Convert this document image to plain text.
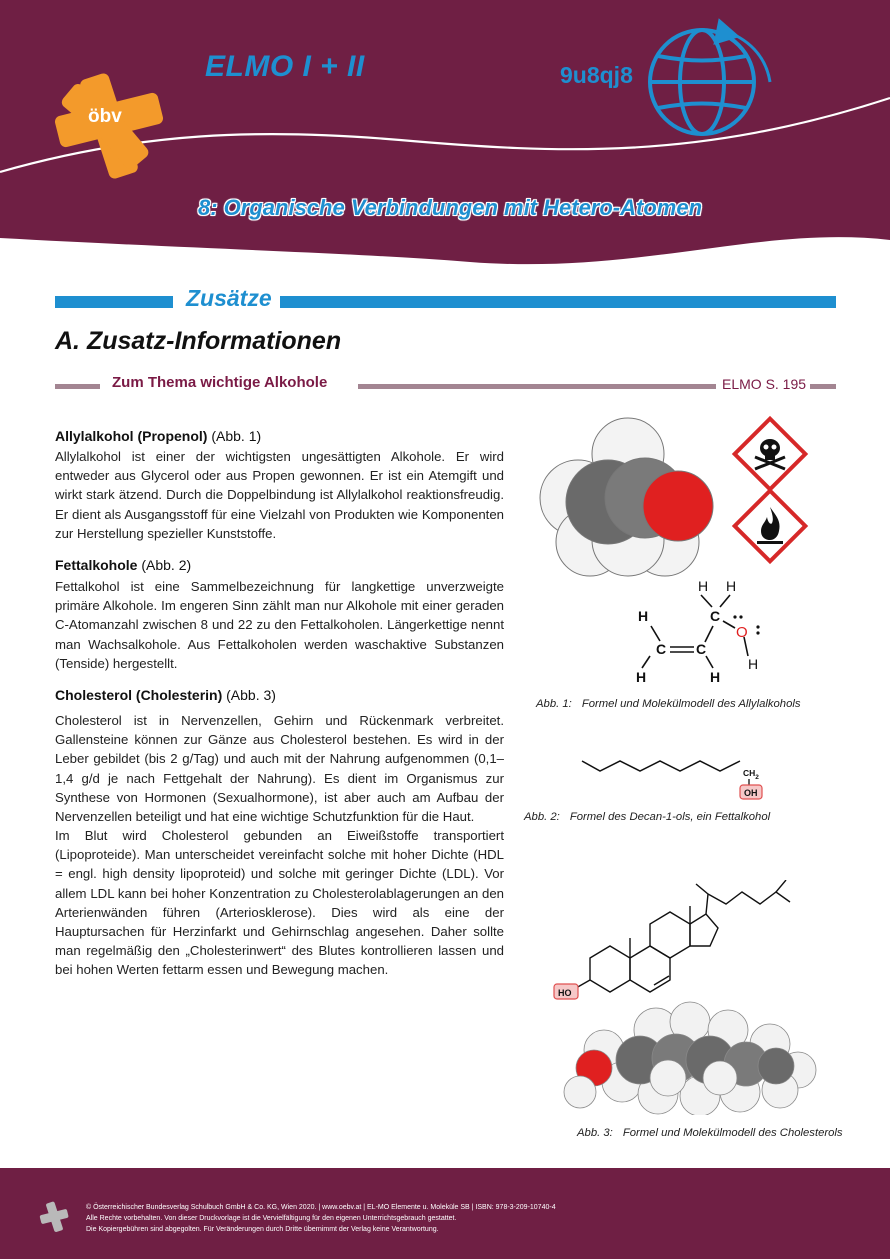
öbv
ELMO I + II	9u8qj8
8: Organische Verbindungen mit Hetero-Atomen
Zusätze
A. Zusatz-Informationen
Zum Thema wichtige Alkohole	ELMO S. 195
Allylalkohol (Propenol) (Abb. 1)
Allylalkohol ist einer der wichtigsten ungesättigten Alkohole. Er wird entweder aus Glycerol oder aus Propen gewonnen. Er ist ein Atemgift und wirkt stark ätzend. Durch die Doppelbindung ist Allylalkohol reaktionsfreudig. Er dient als Ausgangsstoff für eine Vielzahl von Produkten wie Komponenten zur Herstellung spezieller Kunststoffe.
Fettalkohole (Abb. 2)
Fettalkohol ist eine Sammelbezeichnung für langkettige unverzweigte primäre Alkohole. Im engeren Sinn zählt man nur Alkohole mit einer geraden C-Atomanzahl zwischen 8 und 22 zu den Fettalkoholen. Längerkettige nennt man Wachsalkohole. Aus Fettalkoholen werden waschaktive Substanzen (Tenside) hergestellt.
Cholesterol (Cholesterin) (Abb. 3)
Cholesterol ist in Nervenzellen, Gehirn und Rückenmark verbreitet. Gallensteine können zur Gänze aus Cholesterol bestehen. Es wird in der Leber gebildet (bis 2 g/Tag) und auch mit der Nahrung aufgenommen (0,1–1,4 g/d je nach Fettgehalt der Nahrung). Es dient im Organismus zur Synthese von Hormonen (Sexualhormone), ist aber auch am Aufbau der Nervenzellen beteiligt und hat eine wichtige Schutzfunktion für die Haut.
Im Blut wird Cholesterol gebunden an Eiweißstoffe transportiert (Lipoproteide). Man unterscheidet vereinfacht solche mit hoher Dichte (HDL = engl. high density lipoproteid) und solche mit geringer Dichte (LDL). Vor allem LDL kann bei hoher Konzentration zu Cholesterolablagerungen an den Arterienwänden führen (Arteriosklerose). Dies wird als eine der Hauptursachen für Herzinfarkt und Gehirnschlag angesehen. Daher sollte man regelmäßig den „Cholesterinwert“ des Blutes kontrollieren lassen und bei hohen Werten fettarm essen und Bewegung machen.
H H
C
H
C C
H	H
O
H
Abb. 1: Formel und Molekülmodell des Allylalkohols
$CH_2$
OH
Abb. 2: Formel des Decan-1-ols, ein Fettalkohol
HO
Abb. 3: Formel und Molekülmodell des Cholesterols
© Österreichischer Bundesverlag Schulbuch GmbH & Co. KG, Wien 2020. | www.oebv.at | EL-MO Elemente u. Moleküle SB | ISBN: 978-3-209-10740-4
Alle Rechte vorbehalten. Von dieser Druckvorlage ist die Vervielfältigung für den eigenen Unterrichtsgebrauch gestattet.
Die Kopiergebühren sind abgegolten. Für Veränderungen durch Dritte übernimmt der Verlag keine Verantwortung.
